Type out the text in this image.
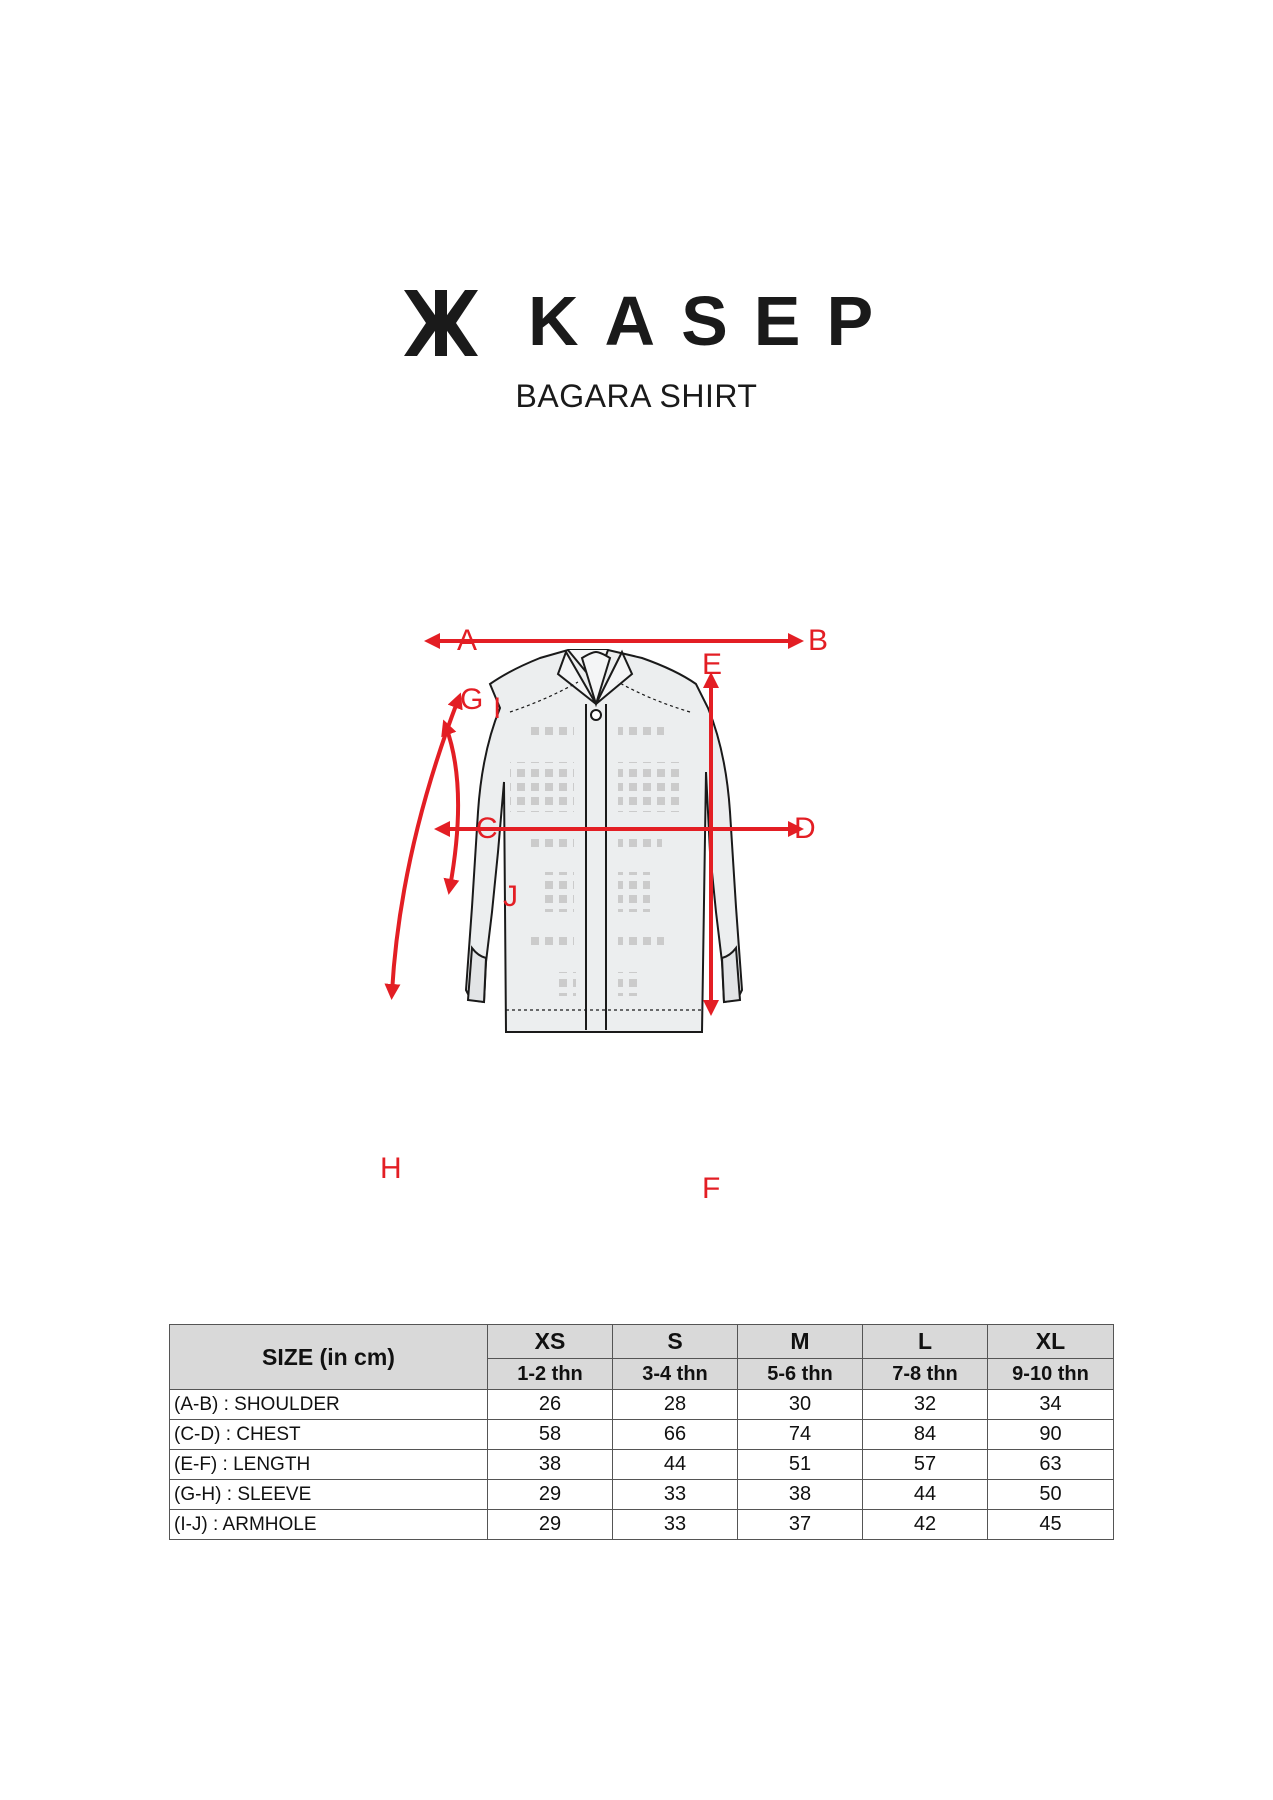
KASEP
BAGARA SHIRT
A	B
E
G I
C	D
J
H
F
SIZE (in cm)	XS	S	M	L	XL
	1-2 thn	3-4 thn	5-6 thn	7-8 thn	9-10 thn
(A-B) : SHOULDER	26	28	30	32	34
(C-D) : CHEST	58	66	74	84	90
(E-F) : LENGTH	38	44	51	57	63
(G-H) : SLEEVE	29	33	38	44	50
(I-J) : ARMHOLE	29	33	37	42	45
